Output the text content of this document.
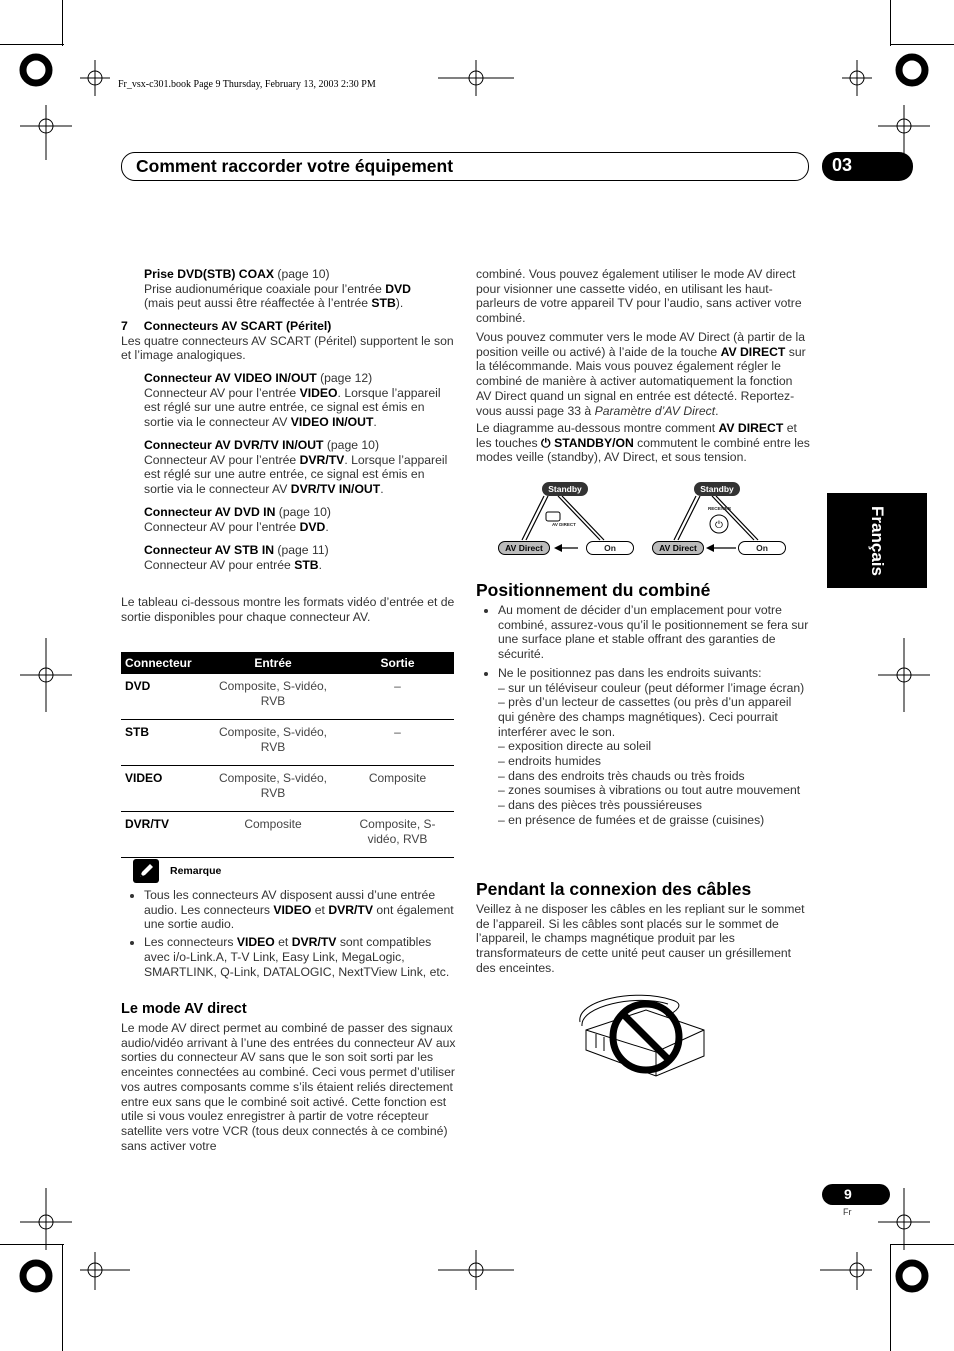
Fr_vsx-c301.book Page 9 Thursday, February 13, 2003 2:30 PM
Comment raccorder votre équipement	03
Français
Prise DVD(STB) COAX (page 10)
Prise audionumérique coaxiale pour l’entrée DVD
(mais peut aussi être réaffectée à l’entrée STB).
7 Connecteurs AV SCART (Péritel)
Les quatre connecteurs AV SCART (Péritel) supportent le son et l’image analogiques.
Connecteur AV VIDEO IN/OUT (page 12)
Connecteur AV pour l’entrée VIDEO. Lorsque l’appareil est réglé sur une autre entrée, ce signal est émis en sortie via le connecteur AV VIDEO IN/OUT.
Connecteur AV DVR/TV IN/OUT (page 10)
Connecteur AV pour l’entrée DVR/TV. Lorsque l’appareil est réglé sur une autre entrée, ce signal est émis en sortie via le connecteur AV DVR/TV IN/OUT.
Connecteur AV DVD IN (page 10)
Connecteur AV pour l’entrée DVD.
Connecteur AV STB IN (page 11)
Connecteur AV pour entrée STB.
Le tableau ci-dessous montre les formats vidéo d’entrée et de sortie disponibles pour chaque connecteur AV.
Connecteur	Entrée	Sortie
DVD	Composite, S-vidéo, RVB	–
STB	Composite, S-vidéo, RVB	–
VIDEO	Composite, S-vidéo, RVB	Composite
DVR/TV	Composite	Composite, S-vidéo, RVB
Remarque
• Tous les connecteurs AV disposent aussi d’une entrée audio. Les connecteurs VIDEO et DVR/TV ont également une sortie audio.
• Les connecteurs VIDEO et DVR/TV sont compatibles avec i/o-Link.A, T-V Link, Easy Link, MegaLogic, SMARTLINK, Q-Link, DATALOGIC, NextTView Link, etc.
Le mode AV direct
Le mode AV direct permet au combiné de passer des signaux audio/vidéo arrivant à l’une des entrées du connecteur AV aux sorties du connecteur AV sans que le son soit sorti par les enceintes connectées au combiné. Ceci vous permet d’utiliser vos autres composants comme s’ils étaient reliés directement entre eux sans que le combiné soit activé. Cette fonction est utile si vous voulez enregistrer à partir de votre récepteur satellite vers votre VCR (tous deux connectés à ce combiné) sans activer votre
combiné. Vous pouvez également utiliser le mode AV direct pour visionner une cassette vidéo, en utilisant les haut-parleurs de votre appareil TV pour l’audio, sans activer votre combiné.
Vous pouvez commuter vers le mode AV Direct (à partir de la position veille ou activé) à l’aide de la touche AV DIRECT sur la télécommande. Mais vous pouvez également régler le combiné de manière à activer automatiquement la fonction AV Direct quand un signal en entrée est détecté. Reportez-vous aussi page 33 à Paramètre d’AV Direct.
Le diagramme au-dessous montre comment AV DIRECT et les touches ⏻ STANDBY/ON commutent le combiné entre les modes veille (standby), AV Direct, et sous tension.
⏻
Standby	Standby
AV Direct	On	AV Direct	On
AV DIRECT
RECEIVER
Positionnement du combiné
• Au moment de décider d’un emplacement pour votre combiné, assurez-vous qu’il le positionnement se fera sur une surface plane et stable offrant des garanties de sécurité.
• Ne le positionnez pas dans les endroits suivants:
– sur un téléviseur couleur (peut déformer l’image écran)
– près d’un lecteur de cassettes (ou près d’un appareil qui génère des champs magnétiques). Ceci pourrait interférer avec le son.
– exposition directe au soleil
– endroits humides
– dans des endroits très chauds ou très froids
– zones soumises à vibrations ou tout autre mouvement
– dans des pièces très poussiéreuses
– en présence de fumées et de graisse (cuisines)
Pendant la connexion des câbles
Veillez à ne disposer les câbles en les repliant sur le sommet de l’appareil. Si les câbles sont placés sur le sommet de l’appareil, le champs magnétique produit par les transformateurs de cette unité peut causer un grésillement des enceintes.
9
Fr
